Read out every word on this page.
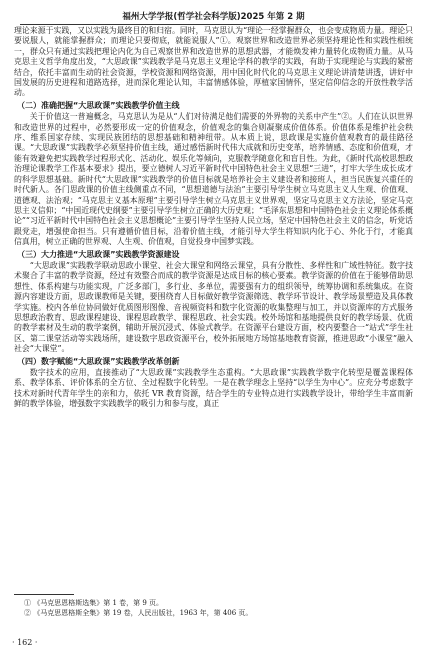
福州大学学报(哲学社会科学版)2025 年第 2 期

理论来源于实践，又以实践为最终目的和归宿。同时，马克思认为“理论一经掌握群众，也会变成物质力量。理论只要说服人，就能掌握群众；而理论只要彻底，就能说服人”①。观察世界和改造世界必须坚持理论性和实践性相统一，群众只有通过实践把理论内化为自己观察世界和改造世界的思想武器，才能焕发神力量转化成物质力量。从马克思主义哲学角度出发，“大思政课”实践教学是马克思主义理论学科的教学的实践，有助于实现理论与实践的紧密结合，依托丰富而生动的社会资源，学校资源和网络资源，用中国化时代化的马克思主义理论讲清楚讲透，讲好中国发展的历史进程和道路选择，进而深化理论认知，丰富情感体验，厚植家国情怀，坚定信仰信念的开放性教学活动。

（二）准确把握“大思政课”实践教学价值主线

关于价值这一普遍概念，马克思认为是从“人们对待满足他们需要的外界物的关系中产生”②。人们在认识世界和改造世界的过程中，必然要形成一定的价值观念，价值观念的集合则凝聚成价值体系。价值体系是维护社会秩序、维系国家存续、实现民族团结的思想基础和精神纽带。从本质上说，思政课是实施价值观教育的最佳路径课。“大思政课”实践教学必须坚持价值主线，通过感悟新时代伟大成就和历史变革，培养情感、态度和价值观，才能有效避免把实践教学过程形式化、活动化、娱乐化等倾向，克服教学随意化和盲目性。为此，《新时代高校思想政治理论课教学工作基本要求》提出，要立德树人习近平新时代中国特色社会主义思想“三进”，打牢大学生成长成才的科学思想基础。新时代“大思政课”实践教学的价值目标就是培养社会主义建设者和接班人，担当民族复兴重任的时代新人。各门思政课的价值主线侧重点不同，“思想道德与法治”主要引导学生树立马克思主义人生观、价值观、道德观、法治观；“马克思主义基本原理”主要引导学生树立马克思主义世界观，坚定马克思主义方法论，坚定马克思主义信仰；“中国近现代史纲要”主要引导学生树立正确的大历史观；“毛泽东思想和中国特色社会主义理论体系概论”“习近平新时代中国特色社会主义思想概论”主要引导学生坚持人民立场，坚定中国特色社会主义的信念，听党话跟党走，增强使命担当。只有遵循价值目标，沿着价值主线，才能引导大学生将知识内化于心、外化于行，才能真信真用，树立正确的世界观、人生观、价值观，自觉投身中国梦实践。

（三）大力推进“大思政课”实践教学资源建设

“大思政课”实践教学联动思政小课堂、社会大课堂和网络云课堂，具有分散性、多样性和广域性特征。数字技术聚合了丰富的教学资源，经过有效整合而成的教学资源是达成目标的核心要素。教学资源的价值在于能够借助思想性、体系构建与功能实现，广泛多部门，多行业、多单位，需要强有力的组织领导，统筹协调和系统集成。在资源内容建设方面，思政课教师是关键，要围绕育人目标做好教学资源筛选、教学环节设计、教学场景塑造及具体教学实施。校内各单位协同做好优质图形图像、音视频资料和数字化资源的收集整理与加工，并以资源库的方式服务思想政治教育、思政课程建设、课程思政教学、课程思政、社会实践。校外场馆和基地提供良好的教学场景、优质的教学素材及生动的教学案例，辅助开展沉浸式、体验式教学。在资源平台建设方面，校内要整合一“站式”学生社区、第二课堂活动等实践场所，建设数字思政资源平台，校外拓展地方场馆基地教育资源，推进思政“小课堂”融入社会“大课堂”。

（四）数字赋能“大思政课”实践教学改革创新

数字技术的应用，直接推动了“大思政课”实践教学生态重构。“大思政课”实践教学数字化转型是覆盖课程体系、教学体系、评价体系的全方位、全过程数字化转型。一是在教学理念上坚持“以学生为中心”。应充分考虑数字技术对新时代青年学生的亲和力，依托 VR 教育资源，结合学生的专业特点进行实践教学设计，带给学生丰富而新鲜的教学体验，增强数字实践教学的吸引力和参与度，真正

① 《马克思恩格斯选集》第 1 卷，第 9 页。
② 《马克思恩格斯全集》第 19 卷，人民出版社，1963 年，第 406 页。
· 162 ·
